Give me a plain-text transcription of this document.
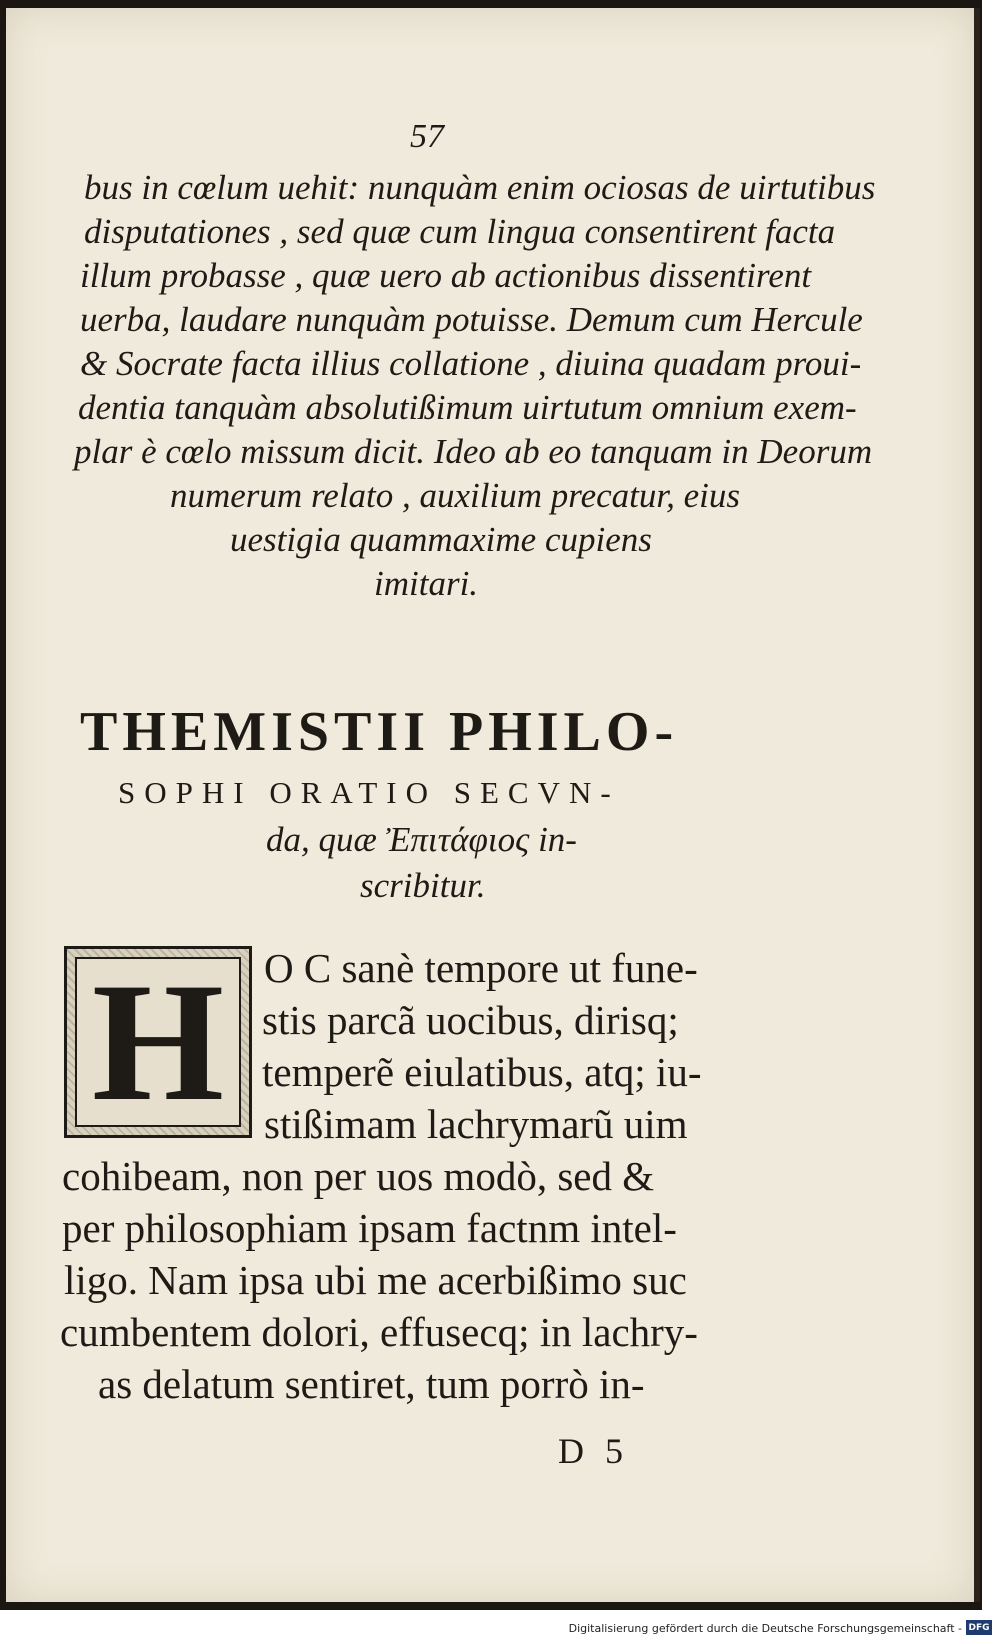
57
bus in cœlum uehit: nunquàm enim ociosas de uirtutibus
disputationes , sed quæ cum lingua consentirent facta
illum probasse , quæ uero ab actionibus dissentirent
uerba, laudare nunquàm potuisse. Demum cum Hercule
& Socrate facta illius collatione , diuina quadam proui-
dentia tanquàm absolutißimum uirtutum omnium exem-
plar è cœlo missum dicit. Ideo ab eo tanquam in Deorum
numerum relato , auxilium precatur, eius
uestigia quammaxime cupiens
imitari.
THEMISTII PHILO-
SOPHI ORATIO SECVN-
da, quæ Ἐπιτάφιος in-
scribitur.
H O C sanè tempore ut fune-
stis parcã uocibus, dirisq;
temperẽ eiulatibus, atq; iu-
stißimam lachrymarũ uim
cohibeam, non per uos modò, sed &
per philosophiam ipsam factnm intel-
ligo. Nam ipsa ubi me acerbißimo suc
cumbentem dolori, effusecq; in lachry-
as delatum sentiret, tum porrò in-
D 5
Digitalisierung gefördert durch die Deutsche Forschungsgemeinschaft - DFG
